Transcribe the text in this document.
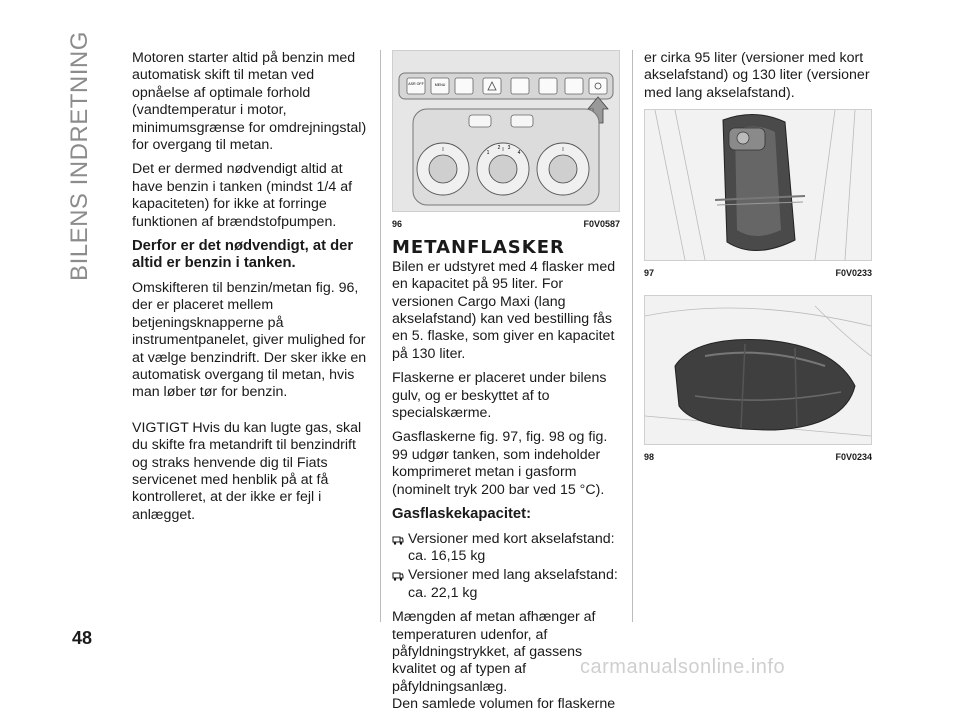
BILENS INDRETNING	Motoren starter altid på benzin med automatisk skift til metan ved opnåelse af optimale forhold (vandtemperatur i motor, minimumsgrænse for omdrejningstal) for overgang til metan.

Det er dermed nødvendigt altid at have benzin i tanken (mindst 1/4 af kapaciteten) for ikke at forringe funktionen af brændstofpumpen.

Derfor er det nødvendigt, at der altid er benzin i tanken.

Omskifteren til benzin/metan fig. 96, der er placeret mellem betjeningsknapperne på instrumentpanelet, giver mulighed for at vælge benzindrift. Der sker ikke en automatisk overgang til metan, hvis man løber tør for benzin.

VIGTIGT Hvis du kan lugte gas, skal du skifte fra metandrift til benzindrift og straks henvende dig til Fiats servicenet med henblik på at få kontrolleret, at der ikke er fejl i anlægget.

ASR OFF	MENU
1
2 3
4
96	F0V0587
METANFLASKER

Bilen er udstyret med 4 flasker med en kapacitet på 95 liter. For versionen Cargo Maxi (lang akselafstand) kan ved bestilling fås en 5. flaske, som giver en kapacitet på 130 liter.

Flaskerne er placeret under bilens gulv, og er beskyttet af to specialskærme.

Gasflaskerne fig. 97, fig. 98 og fig. 99 udgør tanken, som indeholder komprimeret metan i gasform (nominelt tryk 200 bar ved 15 °C).

Gasflaskekapacitet:

Versioner med kort akselafstand: ca. 16,15 kg
Versioner med lang akselafstand: ca. 22,1 kg

Mængden af metan afhænger af temperaturen udenfor, af påfyldningstrykket, af gassens kvalitet og af typen af påfyldningsanlæg.

Den samlede volumen for flaskerne

er cirka 95 liter (versioner med kort akselafstand) og 130 liter (versioner med lang akselafstand).

97	F0V0233
98	F0V0234
48
carmanualsonline.info
